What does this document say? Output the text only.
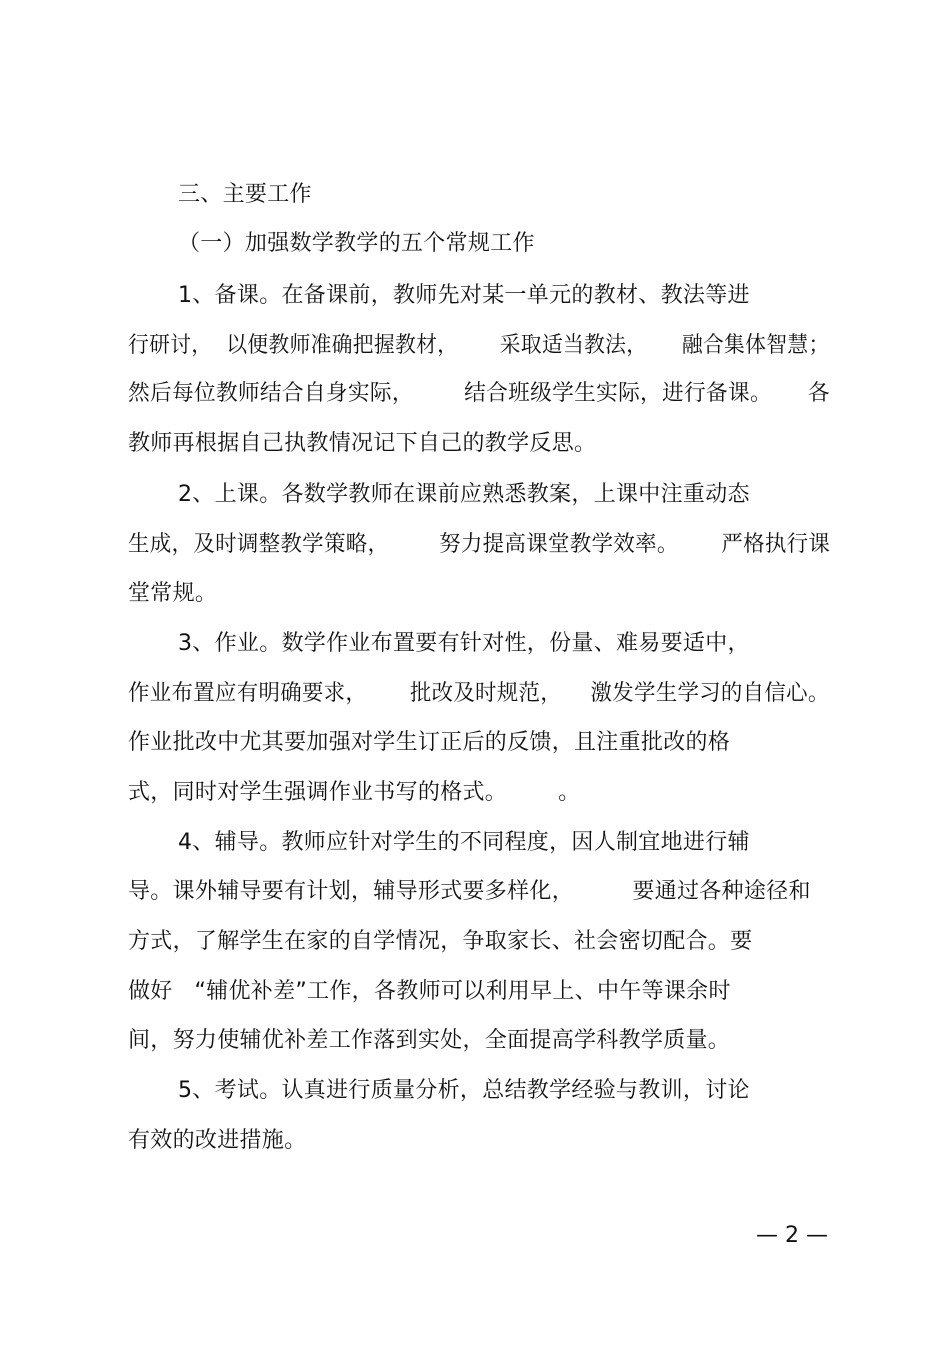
三、主要工作
（一）加强数学教学的五个常规工作
1、备课。在备课前，教师先对某一单元的教材、教法等进
行研讨，  以便教师准确把握教材，      采取适当教法，     融合集体智慧；
然后每位教师结合自身实际，       结合班级学生实际，进行备课。     各
教师再根据自己执教情况记下自己的教学反思。
2、上课。各数学教师在课前应熟悉教案，上课中注重动态
生成，及时调整教学策略，       努力提高课堂教学效率。      严格执行课
堂常规。
3、作业。数学作业布置要有针对性，份量、难易要适中，
作业布置应有明确要求，      批改及时规范，    激发学生学习的自信心。
作业批改中尤其要加强对学生订正后的反馈，且注重批改的格
式，同时对学生强调作业书写的格式。       。
4、辅导。教师应针对学生的不同程度，因人制宜地进行辅
导。课外辅导要有计划，辅导形式要多样化，        要通过各种途径和
方式，了解学生在家的自学情况，争取家长、社会密切配合。要
做好   “辅优补差”工作，各教师可以利用早上、中午等课余时
间，努力使辅优补差工作落到实处，全面提高学科教学质量。
5、考试。认真进行质量分析，总结教学经验与教训，讨论
有效的改进措施。
— 2 —
